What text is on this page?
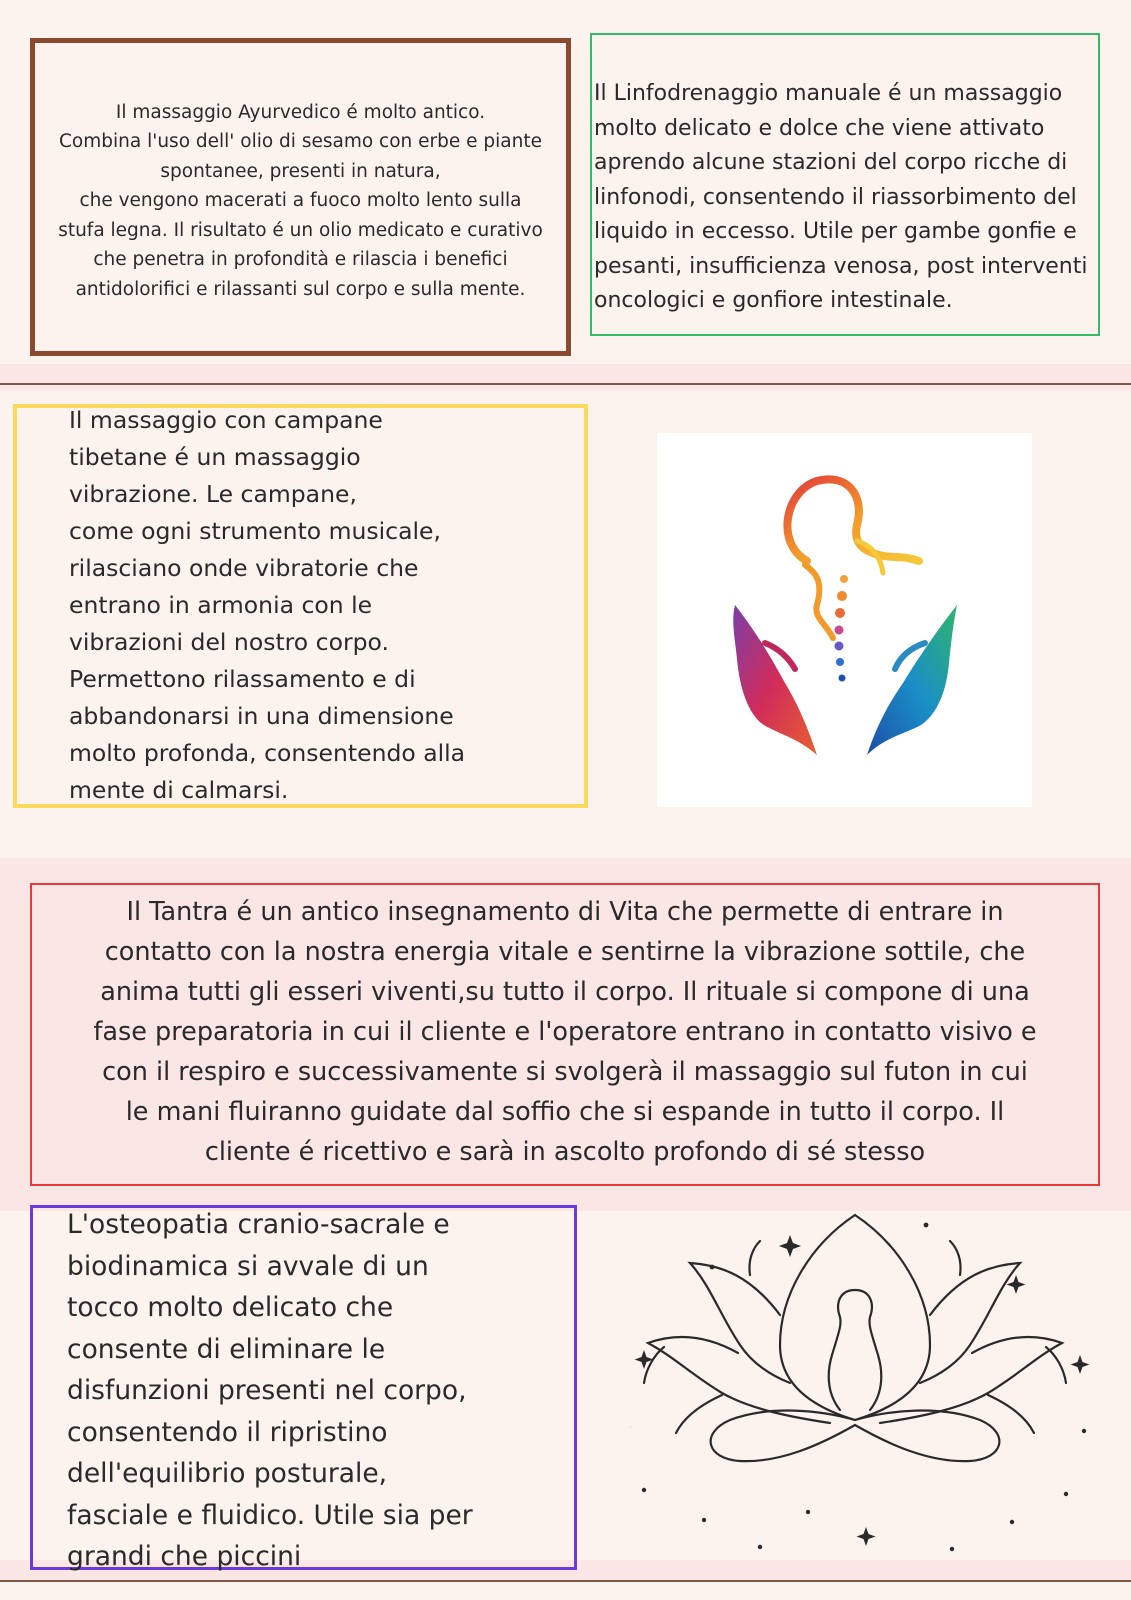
Il massaggio Ayurvedico é molto antico.
Combina l'uso dell' olio di sesamo con erbe e piante
spontanee, presenti in natura,
che vengono macerati a fuoco molto lento sulla
stufa legna. Il risultato é un olio medicato e curativo
che penetra in profondità e rilascia i benefici
antidolorifici e rilassanti sul corpo e sulla mente.

Il Linfodrenaggio manuale é un massaggio
molto delicato e dolce che viene attivato
aprendo alcune stazioni del corpo ricche di
linfonodi, consentendo il riassorbimento del
liquido in eccesso. Utile per gambe gonfie e
pesanti, insufficienza venosa, post interventi
oncologici e gonfiore intestinale.

Il massaggio con campane
tibetane é un massaggio
vibrazione. Le campane,
come ogni strumento musicale,
rilasciano onde vibratorie che
entrano in armonia con le
vibrazioni del nostro corpo.
Permettono rilassamento e di
abbandonarsi in una dimensione
molto profonda, consentendo alla
mente di calmarsi.

Il Tantra é un antico insegnamento di Vita che permette di entrare in
contatto con la nostra energia vitale e sentirne la vibrazione sottile, che
anima tutti gli esseri viventi,su tutto il corpo. Il rituale si compone di una
fase preparatoria in cui il cliente e l'operatore entrano in contatto visivo e
con il respiro e successivamente si svolgerà il massaggio sul futon in cui
le mani fluiranno guidate dal soffio che si espande in tutto il corpo. Il
cliente é ricettivo e sarà in ascolto profondo di sé stesso

L'osteopatia cranio-sacrale e
biodinamica si avvale di un
tocco molto delicato che
consente di eliminare le
disfunzioni presenti nel corpo,
consentendo il ripristino
dell'equilibrio posturale,
fasciale e fluidico. Utile sia per
grandi che piccini
